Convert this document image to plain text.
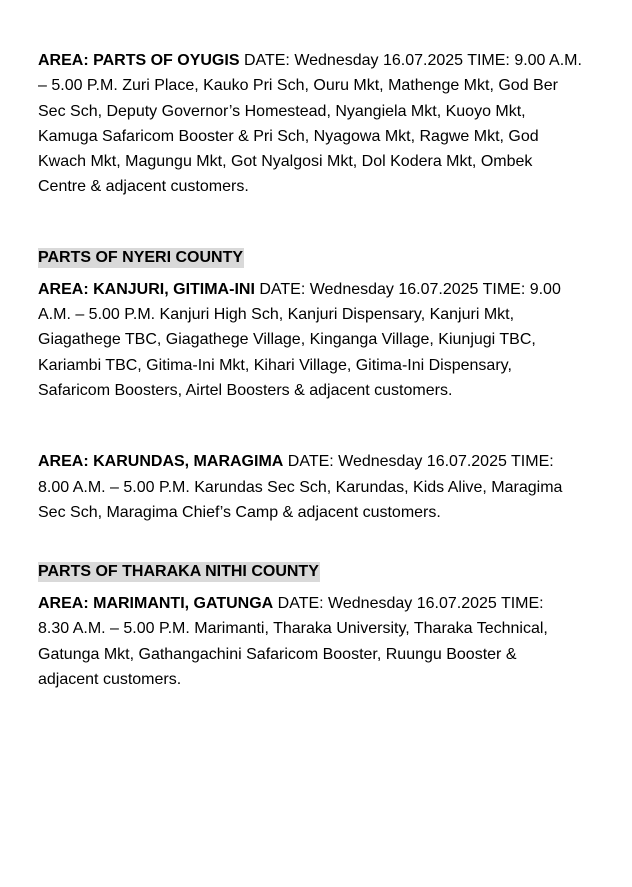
AREA: PARTS OF OYUGIS DATE: Wednesday 16.07.2025 TIME: 9.00 A.M. – 5.00 P.M. Zuri Place, Kauko Pri Sch, Ouru Mkt, Mathenge Mkt, God Ber Sec Sch, Deputy Governor’s Homestead, Nyangiela Mkt, Kuoyo Mkt, Kamuga Safaricom Booster & Pri Sch, Nyagowa Mkt, Ragwe Mkt, God Kwach Mkt, Magungu Mkt, Got Nyalgosi Mkt, Dol Kodera Mkt, Ombek Centre & adjacent customers.

PARTS OF NYERI COUNTY

AREA: KANJURI, GITIMA-INI DATE: Wednesday 16.07.2025 TIME: 9.00 A.M. – 5.00 P.M. Kanjuri High Sch, Kanjuri Dispensary, Kanjuri Mkt, Giagathege TBC, Giagathege Village, Kinganga Village, Kiunjugi TBC, Kariambi TBC, Gitima-Ini Mkt, Kihari Village, Gitima-Ini Dispensary, Safaricom Boosters, Airtel Boosters & adjacent customers.

AREA: KARUNDAS, MARAGIMA DATE: Wednesday 16.07.2025 TIME: 8.00 A.M. – 5.00 P.M. Karundas Sec Sch, Karundas, Kids Alive, Maragima Sec Sch, Maragima Chief’s Camp & adjacent customers.

PARTS OF THARAKA NITHI COUNTY

AREA: MARIMANTI, GATUNGA DATE: Wednesday 16.07.2025 TIME: 8.30 A.M. – 5.00 P.M. Marimanti, Tharaka University, Tharaka Technical, Gatunga Mkt, Gathangachini Safaricom Booster, Ruungu Booster & adjacent customers.
